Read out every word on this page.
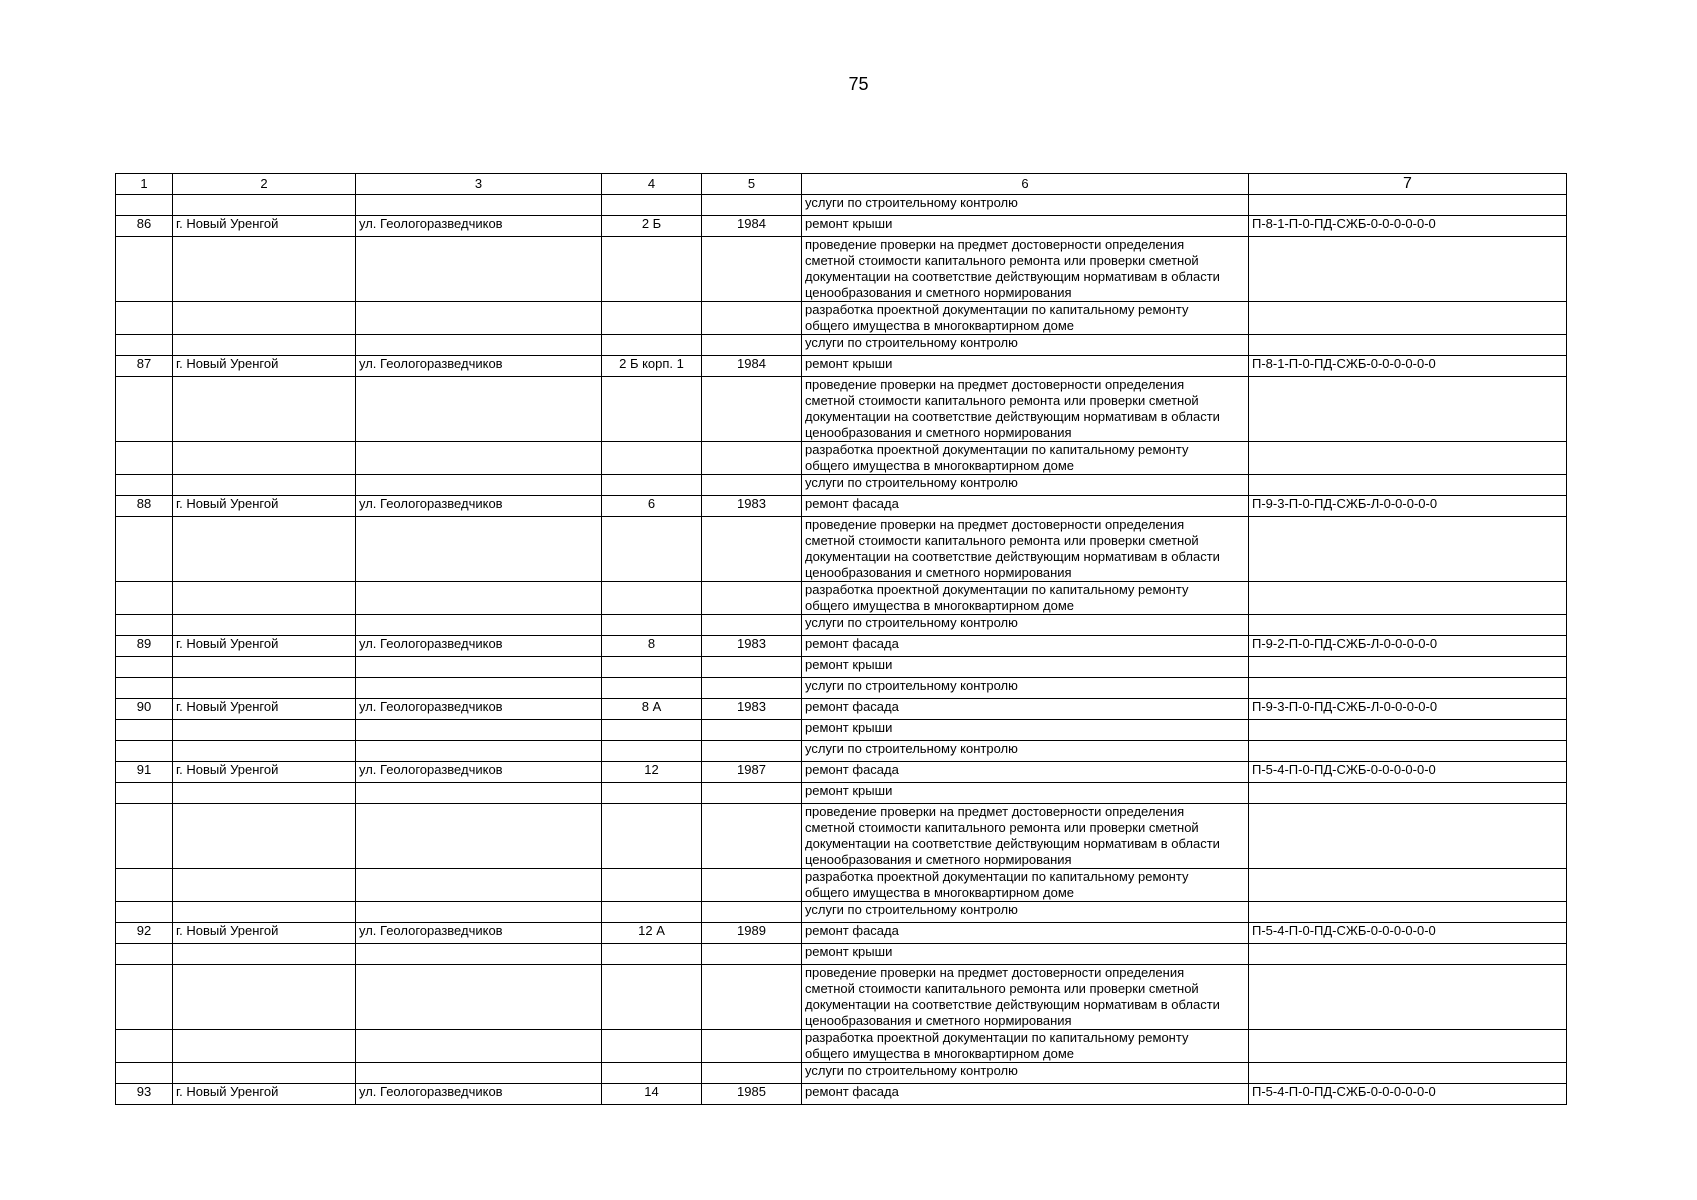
75
1	2	3	4	5	6	7
					услуги по строительному контролю	
86	г. Новый Уренгой	ул. Геологоразведчиков	2 Б	1984	ремонт крыши	П-8-1-П-0-ПД-СЖБ-0-0-0-0-0-0
					проведение проверки на предмет достоверности определения
сметной стоимости капитального ремонта или проверки сметной
документации на соответствие действующим нормативам в области
ценообразования и сметного нормирования	
					разработка проектной документации по капитальному ремонту
общего имущества в многоквартирном доме	
					услуги по строительному контролю	
87	г. Новый Уренгой	ул. Геологоразведчиков	2 Б корп. 1	1984	ремонт крыши	П-8-1-П-0-ПД-СЖБ-0-0-0-0-0-0
					проведение проверки на предмет достоверности определения
сметной стоимости капитального ремонта или проверки сметной
документации на соответствие действующим нормативам в области
ценообразования и сметного нормирования	
					разработка проектной документации по капитальному ремонту
общего имущества в многоквартирном доме	
					услуги по строительному контролю	
88	г. Новый Уренгой	ул. Геологоразведчиков	6	1983	ремонт фасада	П-9-3-П-0-ПД-СЖБ-Л-0-0-0-0-0
					проведение проверки на предмет достоверности определения
сметной стоимости капитального ремонта или проверки сметной
документации на соответствие действующим нормативам в области
ценообразования и сметного нормирования	
					разработка проектной документации по капитальному ремонту
общего имущества в многоквартирном доме	
					услуги по строительному контролю	
89	г. Новый Уренгой	ул. Геологоразведчиков	8	1983	ремонт фасада	П-9-2-П-0-ПД-СЖБ-Л-0-0-0-0-0
					ремонт крыши	
					услуги по строительному контролю	
90	г. Новый Уренгой	ул. Геологоразведчиков	8 А	1983	ремонт фасада	П-9-3-П-0-ПД-СЖБ-Л-0-0-0-0-0
					ремонт крыши	
					услуги по строительному контролю	
91	г. Новый Уренгой	ул. Геологоразведчиков	12	1987	ремонт фасада	П-5-4-П-0-ПД-СЖБ-0-0-0-0-0-0
					ремонт крыши	
					проведение проверки на предмет достоверности определения
сметной стоимости капитального ремонта или проверки сметной
документации на соответствие действующим нормативам в области
ценообразования и сметного нормирования	
					разработка проектной документации по капитальному ремонту
общего имущества в многоквартирном доме	
					услуги по строительному контролю	
92	г. Новый Уренгой	ул. Геологоразведчиков	12 А	1989	ремонт фасада	П-5-4-П-0-ПД-СЖБ-0-0-0-0-0-0
					ремонт крыши	
					проведение проверки на предмет достоверности определения
сметной стоимости капитального ремонта или проверки сметной
документации на соответствие действующим нормативам в области
ценообразования и сметного нормирования	
					разработка проектной документации по капитальному ремонту
общего имущества в многоквартирном доме	
					услуги по строительному контролю	
93	г. Новый Уренгой	ул. Геологоразведчиков	14	1985	ремонт фасада	П-5-4-П-0-ПД-СЖБ-0-0-0-0-0-0
